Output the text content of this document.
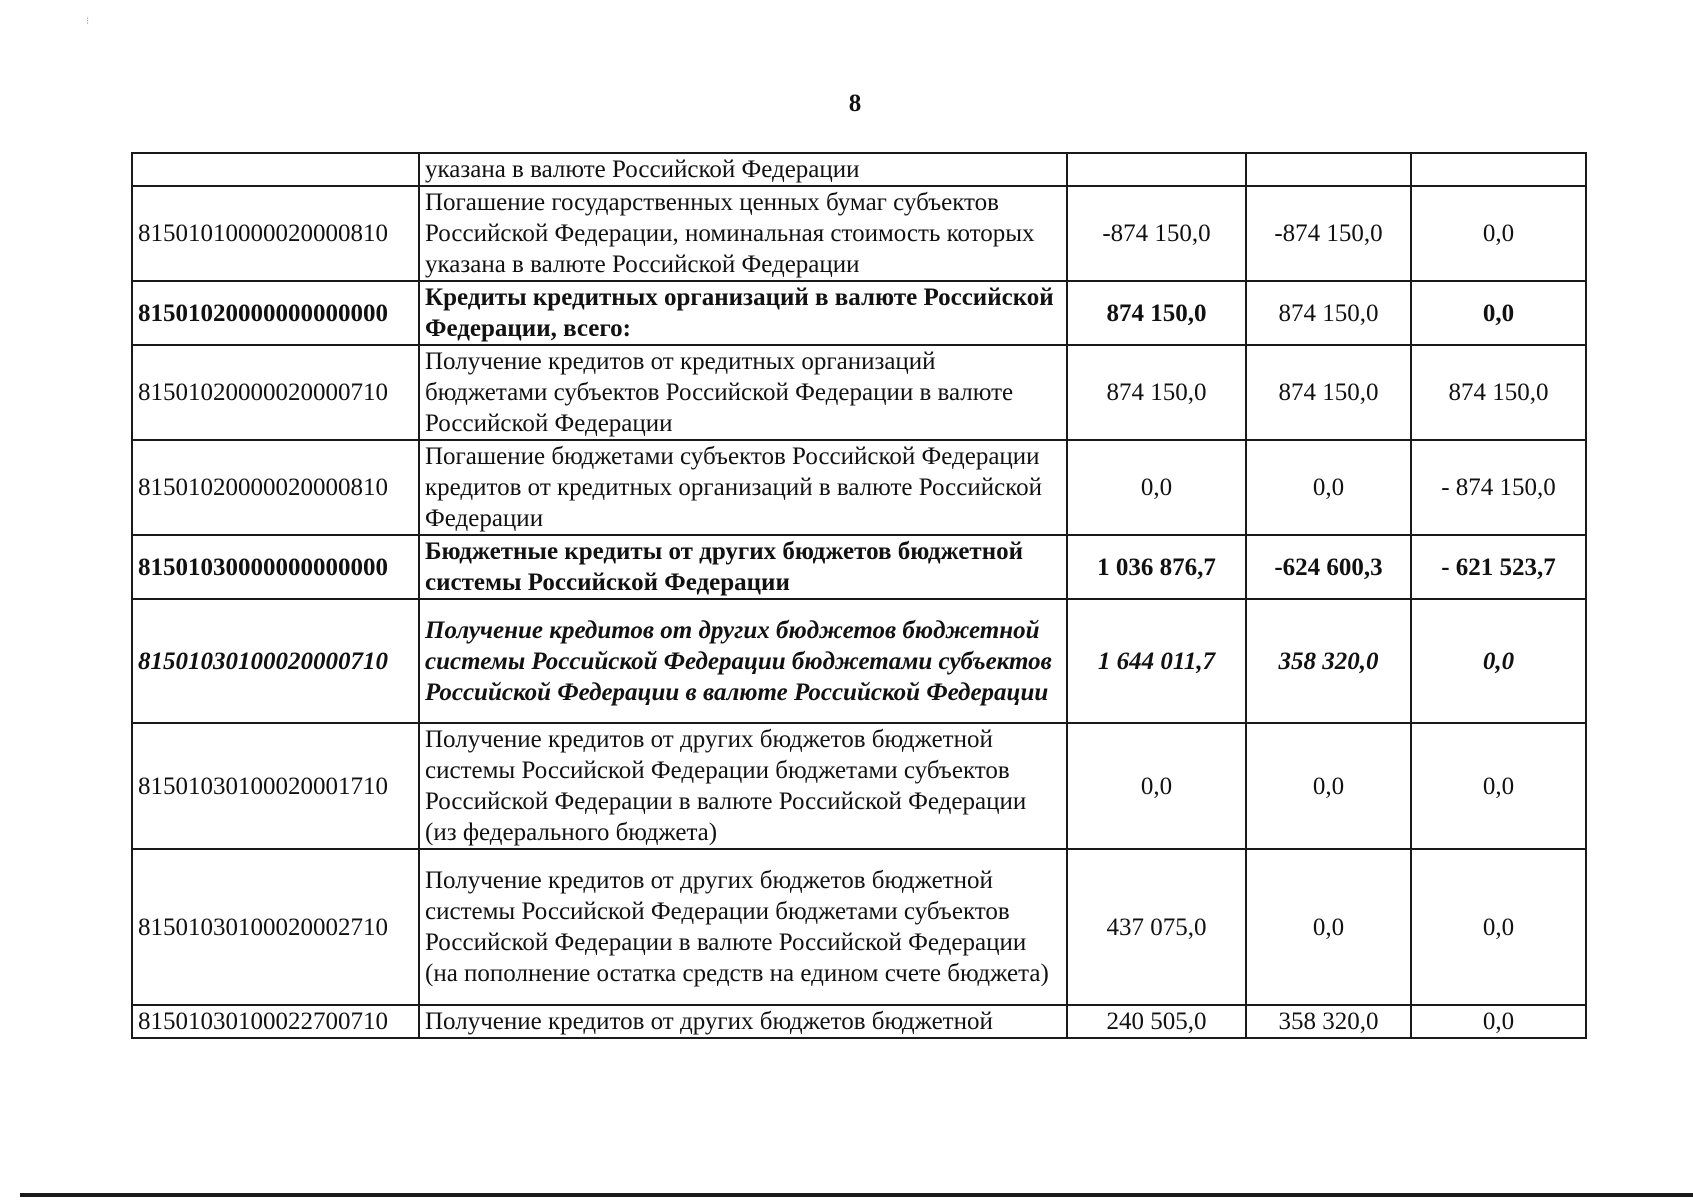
⁝
8
	указана в валюте Российской Федерации			
81501010000020000810	Погашение государственных ценных бумаг субъектов Российской Федерации, номинальная стоимость которых указана в валюте Российской Федерации	-874 150,0	-874 150,0	0,0
81501020000000000000	Кредиты кредитных организаций в валюте Российской Федерации, всего:	874 150,0	874 150,0	0,0
81501020000020000710	Получение кредитов от кредитных организаций бюджетами субъектов Российской Федерации в валюте Российской Федерации	874 150,0	874 150,0	874 150,0
81501020000020000810	Погашение бюджетами субъектов Российской Федерации кредитов от кредитных организаций в валюте Российской Федерации	0,0	0,0	- 874 150,0
81501030000000000000	Бюджетные кредиты от других бюджетов бюджетной системы Российской Федерации	1 036 876,7	-624 600,3	- 621 523,7
81501030100020000710	Получение кредитов от других бюджетов бюджетной системы Российской Федерации бюджетами субъектов Российской Федерации в валюте Российской Федерации	1 644 011,7	358 320,0	0,0
81501030100020001710	Получение кредитов от других бюджетов бюджетной системы Российской Федерации бюджетами субъектов Российской Федерации в валюте Российской Федерации (из федерального бюджета)	0,0	0,0	0,0
81501030100020002710	Получение кредитов от других бюджетов бюджетной системы Российской Федерации бюджетами субъектов Российской Федерации в валюте Российской Федерации (на пополнение остатка средств на едином счете бюджета)	437 075,0	0,0	0,0
81501030100022700710	Получение кредитов от других бюджетов бюджетной	240 505,0	358 320,0	0,0
